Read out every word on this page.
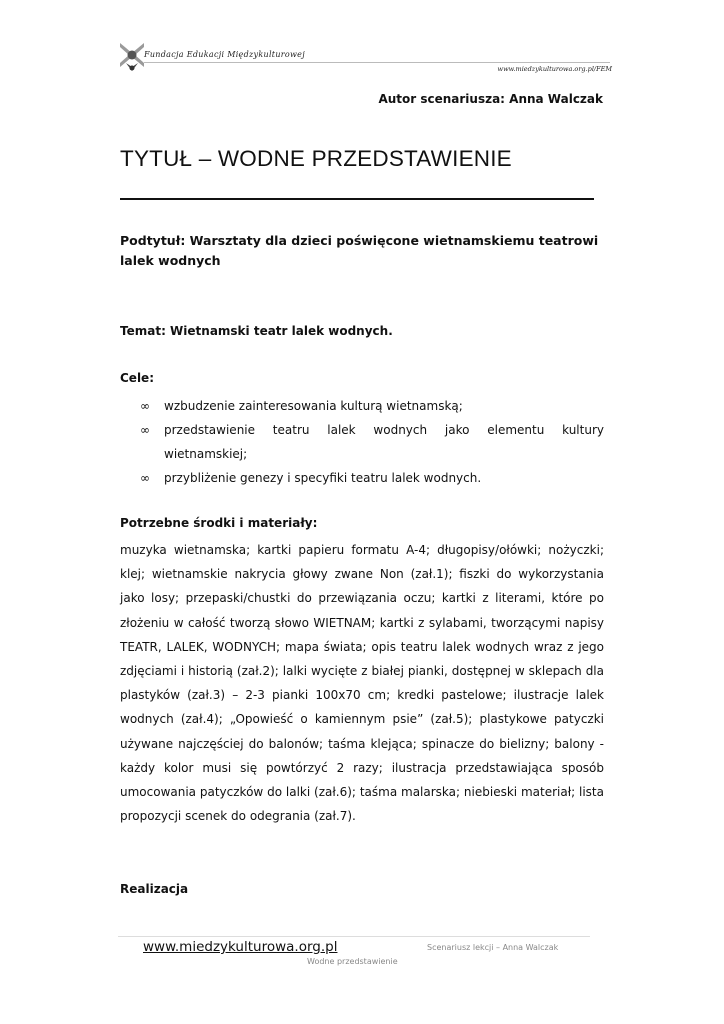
Fundacja Edukacji Międzykulturowej
www.miedzykulturowa.org.pl/FEM
Autor scenariusza: Anna Walczak
TYTUŁ – WODNE PRZEDSTAWIENIE
Podtytuł: Warsztaty dla dzieci poświęcone wietnamskiemu teatrowi lalek wodnych
Temat: Wietnamski teatr lalek wodnych.
Cele:
∞ wzbudzenie zainteresowania kulturą wietnamską;
∞ przedstawienie teatru lalek wodnych jako elementu kultury wietnamskiej;
∞ przybliżenie genezy i specyfiki teatru lalek wodnych.
Potrzebne środki i materiały:

muzyka wietnamska; kartki papieru formatu A-4; długopisy/ołówki; nożyczki; klej; wietnamskie nakrycia głowy zwane Non (zał.1); fiszki do wykorzystania jako losy; przepaski/chustki do przewiązania oczu; kartki z literami, które po złożeniu w całość tworzą słowo WIETNAM; kartki z sylabami, tworzącymi napisy TEATR, LALEK, WODNYCH; mapa świata; opis teatru lalek wodnych wraz z jego zdjęciami i historią (zał.2); lalki wycięte z białej pianki, dostępnej w sklepach dla plastyków (zał.3) – 2-3 pianki 100x70 cm; kredki pastelowe; ilustracje lalek wodnych (zał.4); „Opowieść o kamiennym psie” (zał.5); plastykowe patyczki używane najczęściej do balonów; taśma klejąca; spinacze do bielizny; balony - każdy kolor musi się powtórzyć 2 razy; ilustracja przedstawiająca sposób umocowania patyczków do lalki (zał.6); taśma malarska; niebieski materiał; lista propozycji scenek do odegrania (zał.7).

Realizacja
www.miedzykulturowa.org.pl	Scenariusz lekcji – Anna Walczak
Wodne przedstawienie
